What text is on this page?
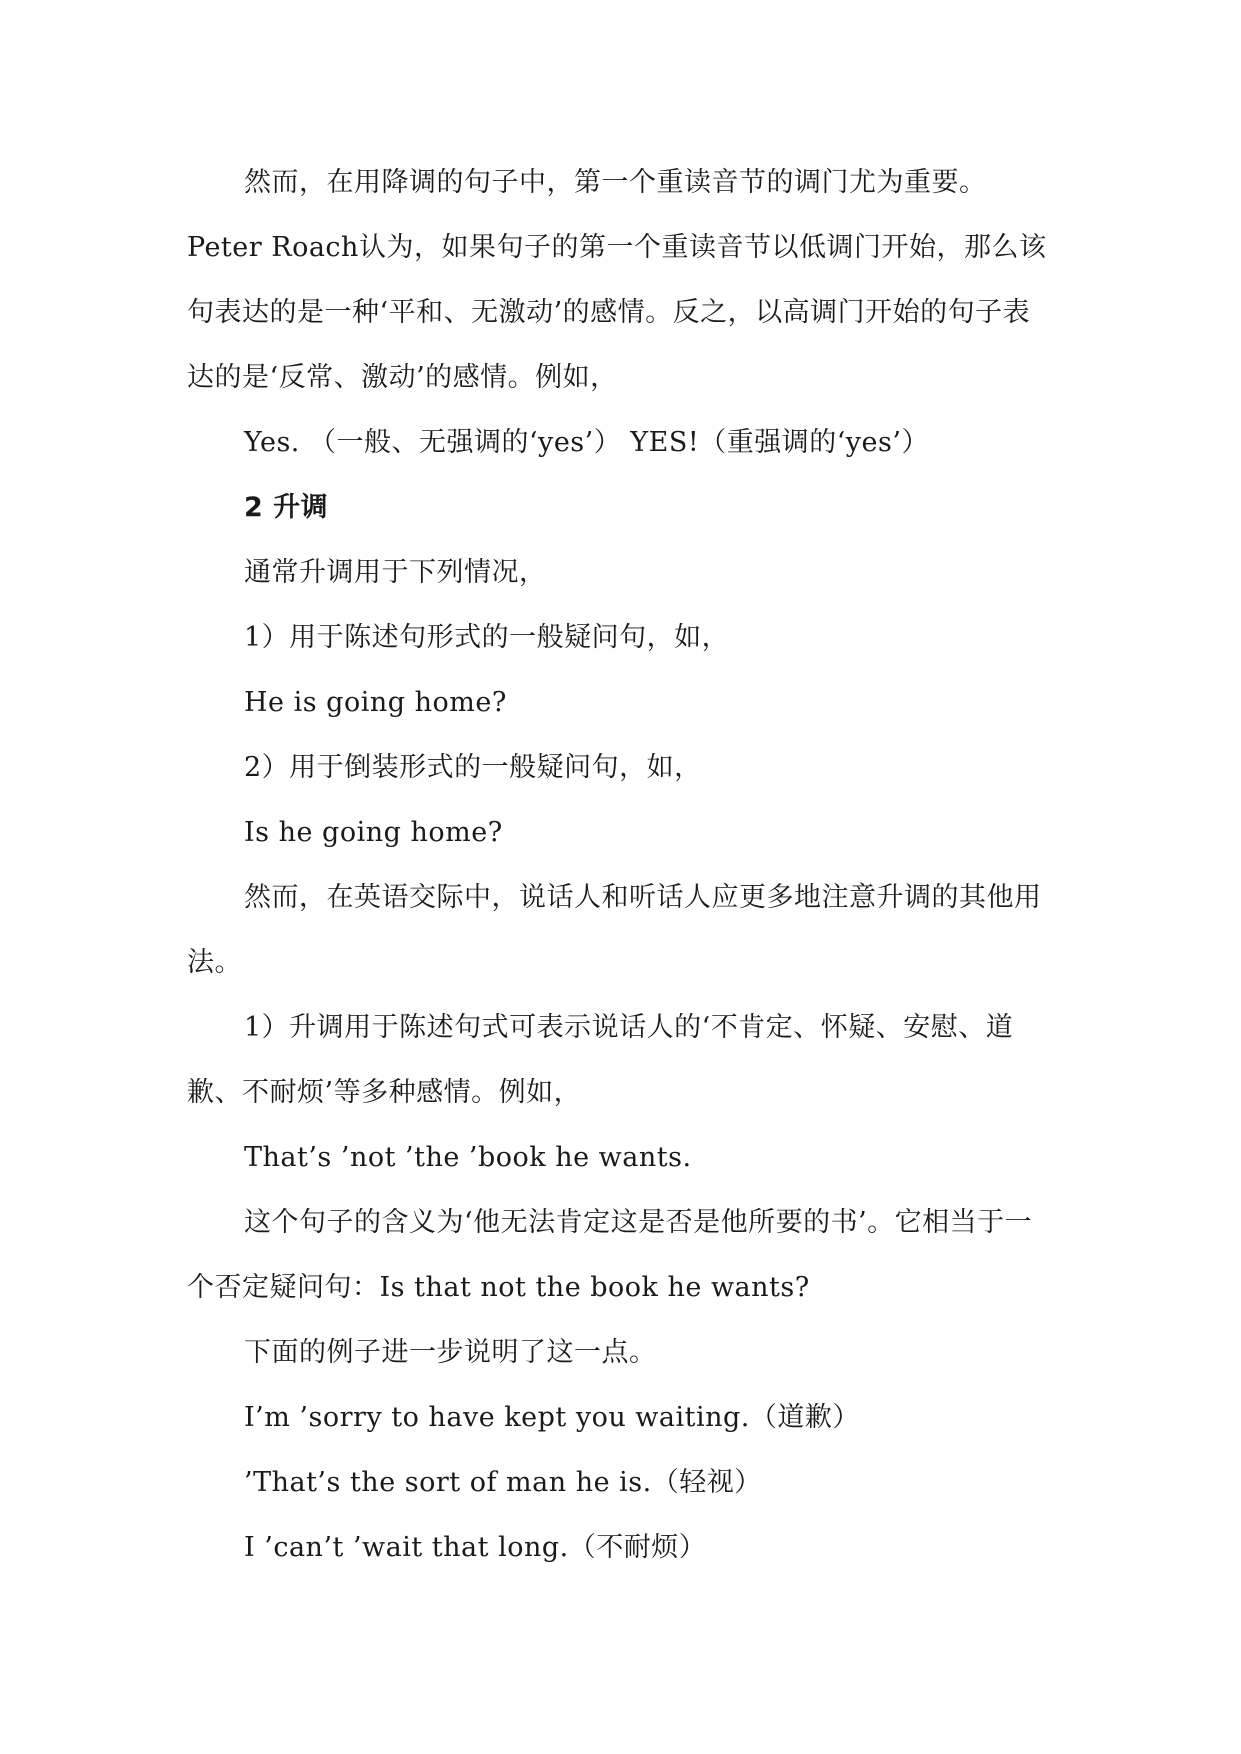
然而，在用降调的句子中，第一个重读音节的调门尤为重要。Peter Roach认为，如果句子的第一个重读音节以低调门开始，那么该句表达的是一种‘平和、无激动’的感情。反之，以高调门开始的句子表达的是‘反常、激动’的感情。例如，

Yes. （一般、无强调的‘yes’） YES!（重强调的‘yes’）

2 升调

通常升调用于下列情况，

1）用于陈述句形式的一般疑问句，如，

He is going home?

2）用于倒装形式的一般疑问句，如，

Is he going home?

然而，在英语交际中，说话人和听话人应更多地注意升调的其他用法。

1）升调用于陈述句式可表示说话人的‘不肯定、怀疑、安慰、道歉、不耐烦’等多种感情。例如，

That’s ’not ’the ’book he wants.

这个句子的含义为‘他无法肯定这是否是他所要的书’。它相当于一个否定疑问句：Is that not the book he wants?

下面的例子进一步说明了这一点。

I’m ’sorry to have kept you waiting.（道歉）

’That’s the sort of man he is.（轻视）

I ’can’t ’wait that long.（不耐烦）
